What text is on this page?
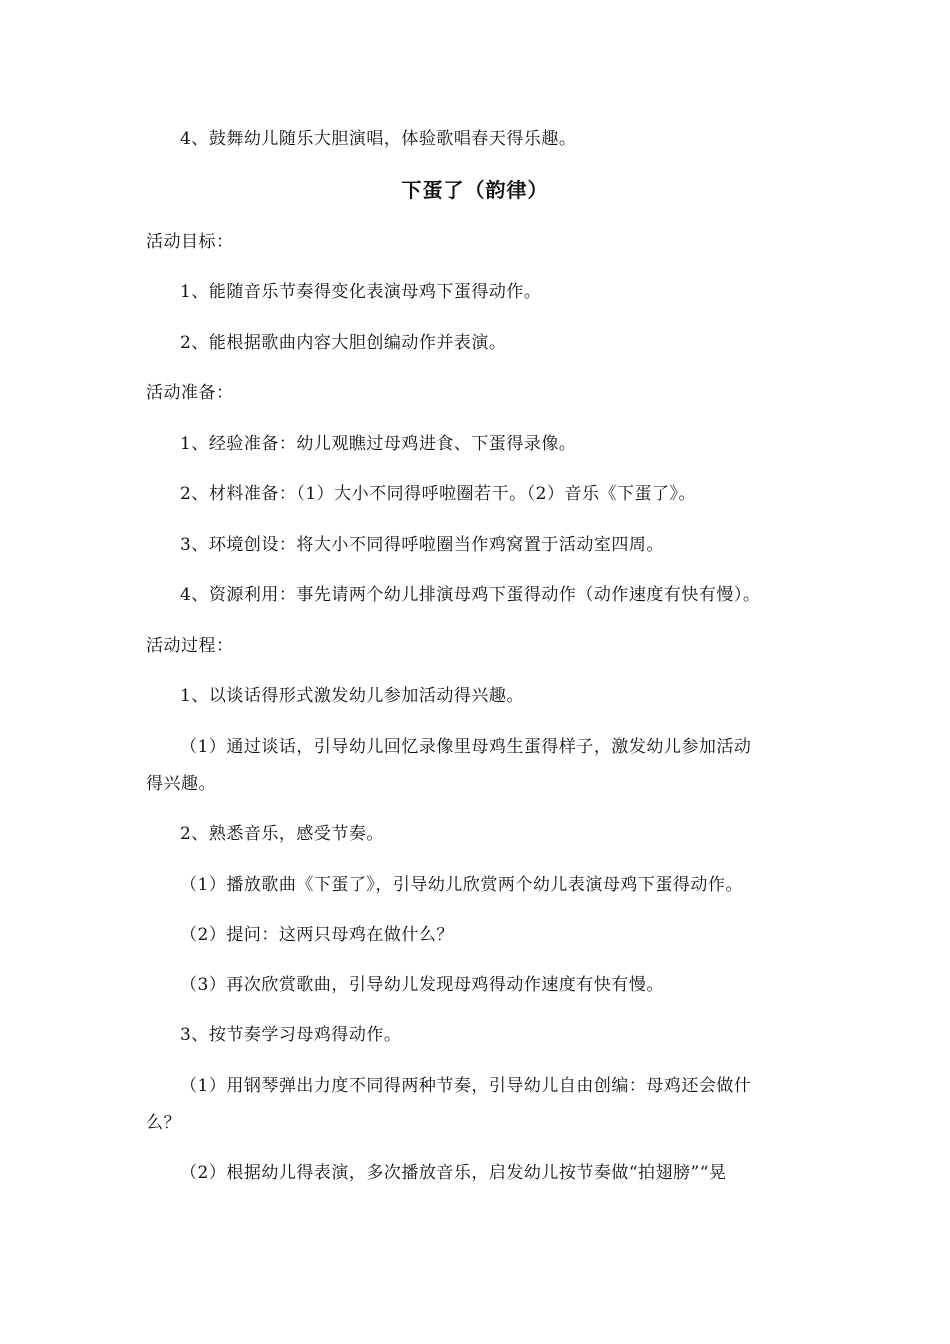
4、鼓舞幼儿随乐大胆演唱，体验歌唱春天得乐趣。
下蛋了（韵律）
活动目标：
1、能随音乐节奏得变化表演母鸡下蛋得动作。
2、能根据歌曲内容大胆创编动作并表演。
活动准备：
1、经验准备：幼儿观瞧过母鸡进食、下蛋得录像。
2、材料准备：（1）大小不同得呼啦圈若干。（2）音乐《下蛋了》。
3、环境创设：将大小不同得呼啦圈当作鸡窝置于活动室四周。
4、资源利用：事先请两个幼儿排演母鸡下蛋得动作（动作速度有快有慢）。
活动过程：
1、以谈话得形式激发幼儿参加活动得兴趣。
（1）通过谈话，引导幼儿回忆录像里母鸡生蛋得样子，激发幼儿参加活动
得兴趣。
2、熟悉音乐，感受节奏。
（1）播放歌曲《下蛋了》，引导幼儿欣赏两个幼儿表演母鸡下蛋得动作。
（2）提问：这两只母鸡在做什么？
（3）再次欣赏歌曲，引导幼儿发现母鸡得动作速度有快有慢。
3、按节奏学习母鸡得动作。
（1）用钢琴弹出力度不同得两种节奏，引导幼儿自由创编：母鸡还会做什
么？
（2）根据幼儿得表演，多次播放音乐，启发幼儿按节奏做“拍翅膀”“晃
